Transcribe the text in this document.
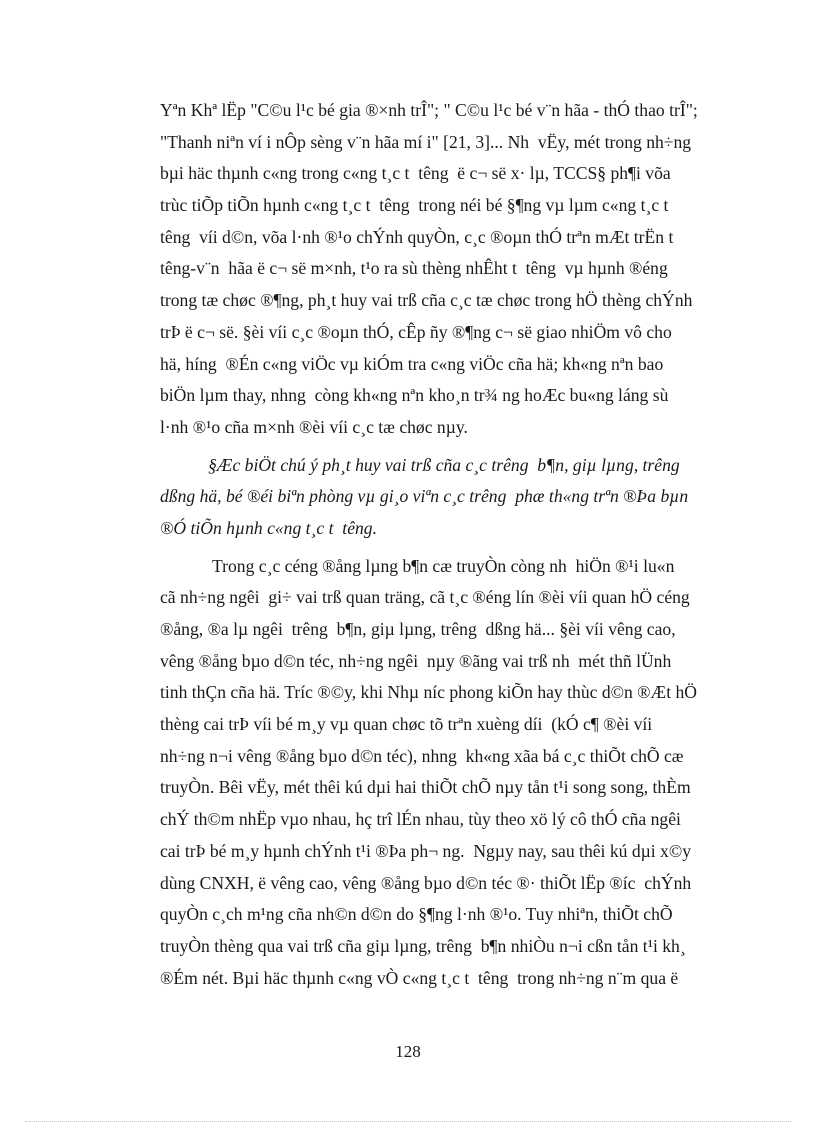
Yªn Khª lËp "C©u l¹c bé gia ®×nh trÎ"; " C©u l¹c bé v¨n hãa - thÓ thao trÎ";
"Thanh niªn ví i nÔp sèng v¨n hãa mí i" [21, 3]... Nh  vËy, mét trong nh÷ng
bµi häc thµnh c«ng trong c«ng t¸c t  têng  ë c¬ së x· lµ, TCCS§ ph¶i võa
trùc tiÕp tiÕn hµnh c«ng t¸c t  têng  trong néi bé §¶ng vµ lµm c«ng t¸c t
têng  víi d©n, võa l·nh ®¹o chÝnh quyÒn, c¸c ®oµn thÓ trªn mÆt trËn t
têng-v¨n  hãa ë c¬ së m×nh, t¹o ra sù thèng nhÊht t  têng  vµ hµnh ®éng
trong tæ chøc ®¶ng, ph¸t huy vai trß cña c¸c tæ chøc trong hÖ thèng chÝnh
trÞ ë c¬ së. §èi víi c¸c ®oµn thÓ, cÊp ñy ®¶ng c¬ së giao nhiÖm vô cho
hä, híng  ®Én c«ng viÖc vµ kiÓm tra c«ng viÖc cña hä; kh«ng nªn bao
biÖn lµm thay, nhng  còng kh«ng nªn kho¸n tr¾ ng hoÆc bu«ng láng sù
l·nh ®¹o cña m×nh ®èi víi c¸c tæ chøc nµy.
§Æc biÖt chú ý ph¸t huy vai trß cña c¸c trêng  b¶n, giµ lµng, trêng
dßng hä, bé ®éi biªn phòng vµ gi¸o viªn c¸c trêng  phæ th«ng trªn ®Þa bµn
®Ó tiÕn hµnh c«ng t¸c t  têng.
Trong c¸c céng ®ång lµng b¶n cæ truyÒn còng nh  hiÖn ®¹i lu«n
cã nh÷ng ngêi  gi÷ vai trß quan träng, cã t¸c ®éng lín ®èi víi quan hÖ céng
®ång, ®a lµ ngêi  trêng  b¶n, giµ lµng, trêng  dßng hä... §èi víi vêng cao,
vêng ®ång bµo d©n téc, nh÷ng ngêi  nµy ®ãng vai trß nh  mét thñ lÜnh
tinh thÇn cña hä. Tríc ®©y, khi Nhµ níc phong kiÕn hay thùc d©n ®Æt hÖ
thèng cai trÞ víi bé m¸y vµ quan chøc tõ trªn xuèng díi  (kÓ c¶ ®èi víi
nh÷ng n¬i vêng ®ång bµo d©n téc), nhng  kh«ng xãa bá c¸c thiÕt chÕ cæ
truyÒn. Bêi vËy, mét thêi kú dµi hai thiÕt chÕ nµy tån t¹i song song, thÈm
chÝ th©m nhËp vµo nhau, hç trî lÉn nhau, tùy theo xö lý cô thÓ cña ngêi
cai trÞ bé m¸y hµnh chÝnh t¹i ®Þa ph¬ ng.  Ngµy nay, sau thêi kú dµi x©y
dùng CNXH, ë vêng cao, vêng ®ång bµo d©n téc ®· thiÕt lËp ®íc  chÝnh
quyÒn c¸ch m¹ng cña nh©n d©n do §¶ng l·nh ®¹o. Tuy nhiªn, thiÕt chÕ
truyÒn thèng qua vai trß cña giµ lµng, trêng  b¶n nhiÒu n¬i cßn tån t¹i kh¸
®Ém nét. Bµi häc thµnh c«ng vÒ c«ng t¸c t  têng  trong nh÷ng n¨m qua ë
128
